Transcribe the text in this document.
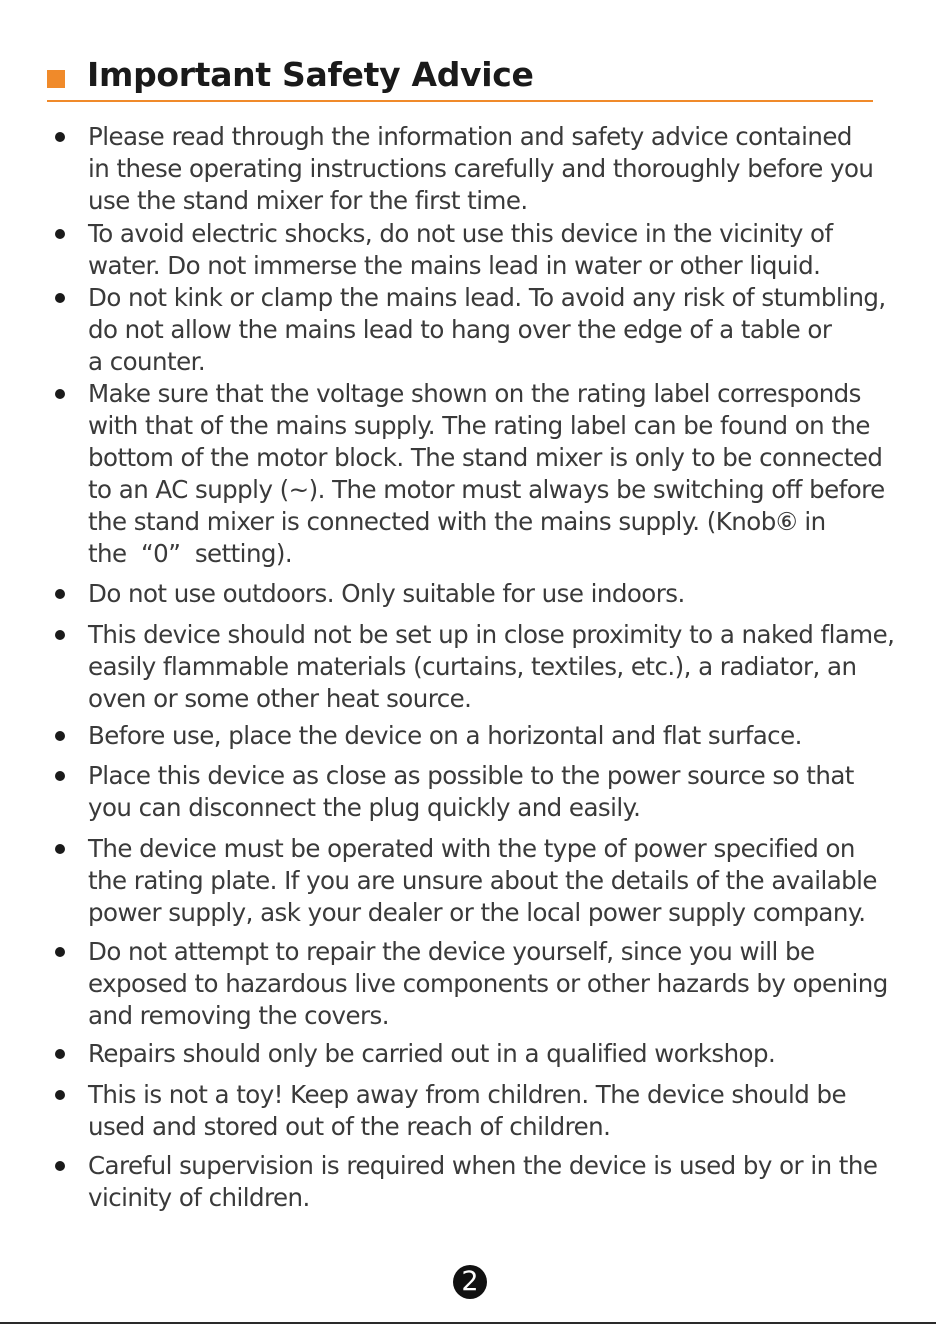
Important Safety Advice
Please read through the information and safety advice contained
in these operating instructions carefully and thoroughly before you
use the stand mixer for the first time.
To avoid electric shocks, do not use this device in the vicinity of
water. Do not immerse the mains lead in water or other liquid.
Do not kink or clamp the mains lead. To avoid any risk of stumbling,
do not allow the mains lead to hang over the edge of a table or
a counter.
Make sure that the voltage shown on the rating label corresponds
with that of the mains supply. The rating label can be found on the
bottom of the motor block. The stand mixer is only to be connected
to an AC supply (~). The motor must always be switching off before
the stand mixer is connected with the mains supply. (Knob⑥ in
the  “0”  setting).
Do not use outdoors. Only suitable for use indoors.
This device should not be set up in close proximity to a naked flame,
easily flammable materials (curtains, textiles, etc.), a radiator, an
oven or some other heat source.
Before use, place the device on a horizontal and flat surface.
Place this device as close as possible to the power source so that
you can disconnect the plug quickly and easily.
The device must be operated with the type of power specified on
the rating plate. If you are unsure about the details of the available
power supply, ask your dealer or the local power supply company.
Do not attempt to repair the device yourself, since you will be
exposed to hazardous live components or other hazards by opening
and removing the covers.
Repairs should only be carried out in a qualified workshop.
This is not a toy! Keep away from children. The device should be
used and stored out of the reach of children.
Careful supervision is required when the device is used by or in the
vicinity of children.
2
